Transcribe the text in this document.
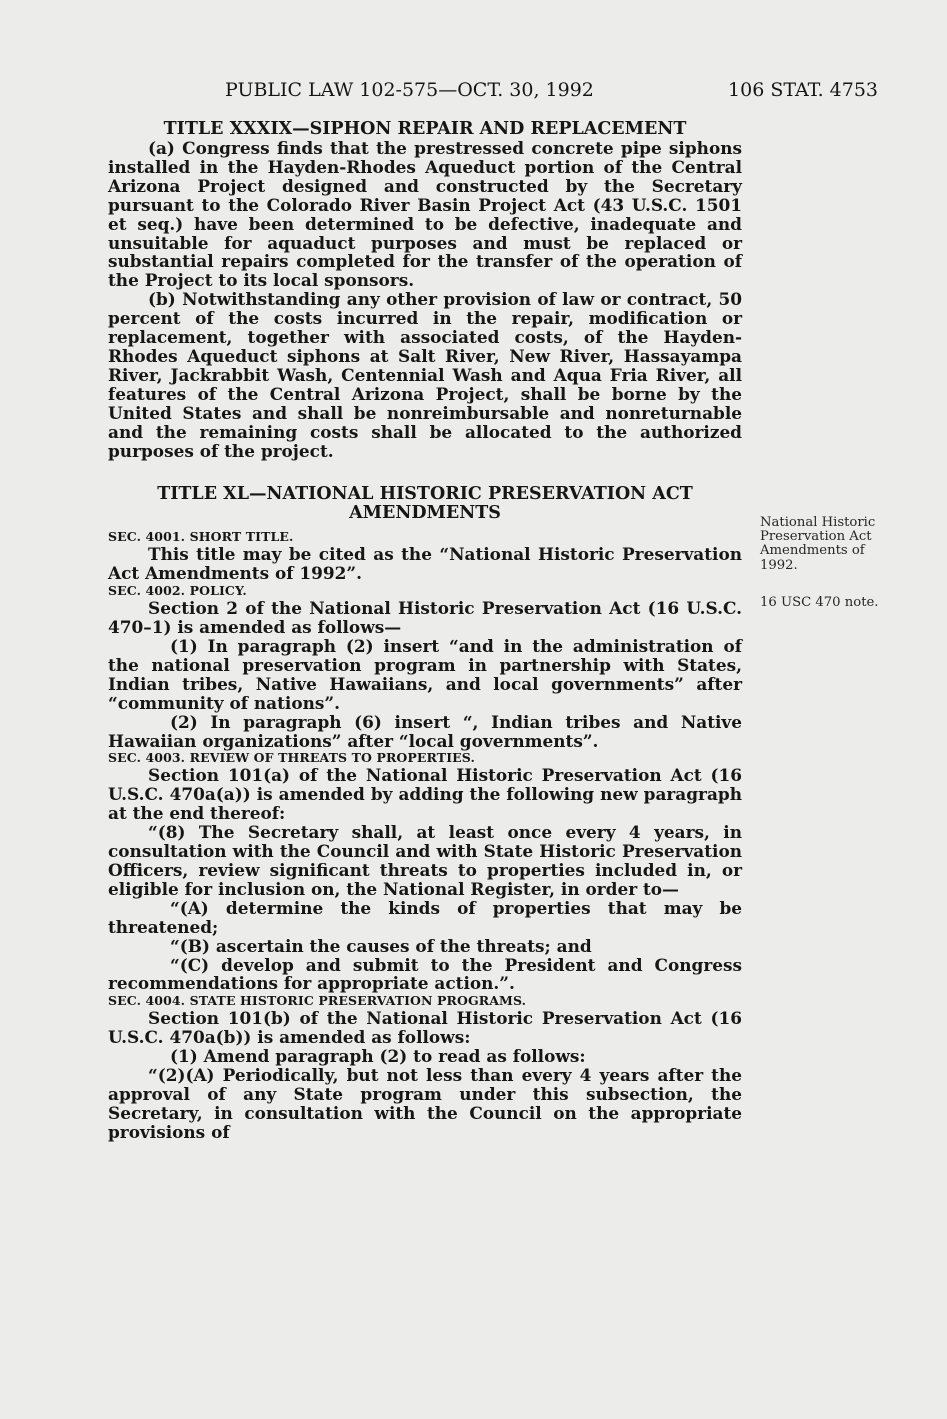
PUBLIC LAW 102-575—OCT. 30, 1992	106 STAT. 4753

TITLE XXXIX—SIPHON REPAIR AND REPLACEMENT

(a) Congress finds that the prestressed concrete pipe siphons installed in the Hayden-Rhodes Aqueduct portion of the Central Arizona Project designed and constructed by the Secretary pursuant to the Colorado River Basin Project Act (43 U.S.C. 1501 et seq.) have been determined to be defective, inadequate and unsuitable for aquaduct purposes and must be replaced or substantial repairs completed for the transfer of the operation of the Project to its local sponsors.

(b) Notwithstanding any other provision of law or contract, 50 percent of the costs incurred in the repair, modification or replacement, together with associated costs, of the Hayden-Rhodes Aqueduct siphons at Salt River, New River, Hassayampa River, Jackrabbit Wash, Centennial Wash and Aqua Fria River, all features of the Central Arizona Project, shall be borne by the United States and shall be nonreimbursable and nonreturnable and the remaining costs shall be allocated to the authorized purposes of the project.

TITLE XL—NATIONAL HISTORIC PRESERVATION ACT
AMENDMENTS

SEC. 4001. SHORT TITLE.

This title may be cited as the “National Historic Preservation Act Amendments of 1992”.

SEC. 4002. POLICY.

Section 2 of the National Historic Preservation Act (16 U.S.C. 470–1) is amended as follows—

(1) In paragraph (2) insert “and in the administration of the national preservation program in partnership with States, Indian tribes, Native Hawaiians, and local governments” after “community of nations”.

(2) In paragraph (6) insert “, Indian tribes and Native Hawaiian organizations” after “local governments”.

SEC. 4003. REVIEW OF THREATS TO PROPERTIES.

Section 101(a) of the National Historic Preservation Act (16 U.S.C. 470a(a)) is amended by adding the following new paragraph at the end thereof:

“(8) The Secretary shall, at least once every 4 years, in consultation with the Council and with State Historic Preservation Officers, review significant threats to properties included in, or eligible for inclusion on, the National Register, in order to—

“(A) determine the kinds of properties that may be threatened;

“(B) ascertain the causes of the threats; and

“(C) develop and submit to the President and Congress recommendations for appropriate action.”.

SEC. 4004. STATE HISTORIC PRESERVATION PROGRAMS.

Section 101(b) of the National Historic Preservation Act (16 U.S.C. 470a(b)) is amended as follows:

(1) Amend paragraph (2) to read as follows:

“(2)(A) Periodically, but not less than every 4 years after the approval of any State program under this subsection, the Secretary, in consultation with the Council on the appropriate provisions of

National Historic Preservation Act Amendments of 1992.
16 USC 470 note.
